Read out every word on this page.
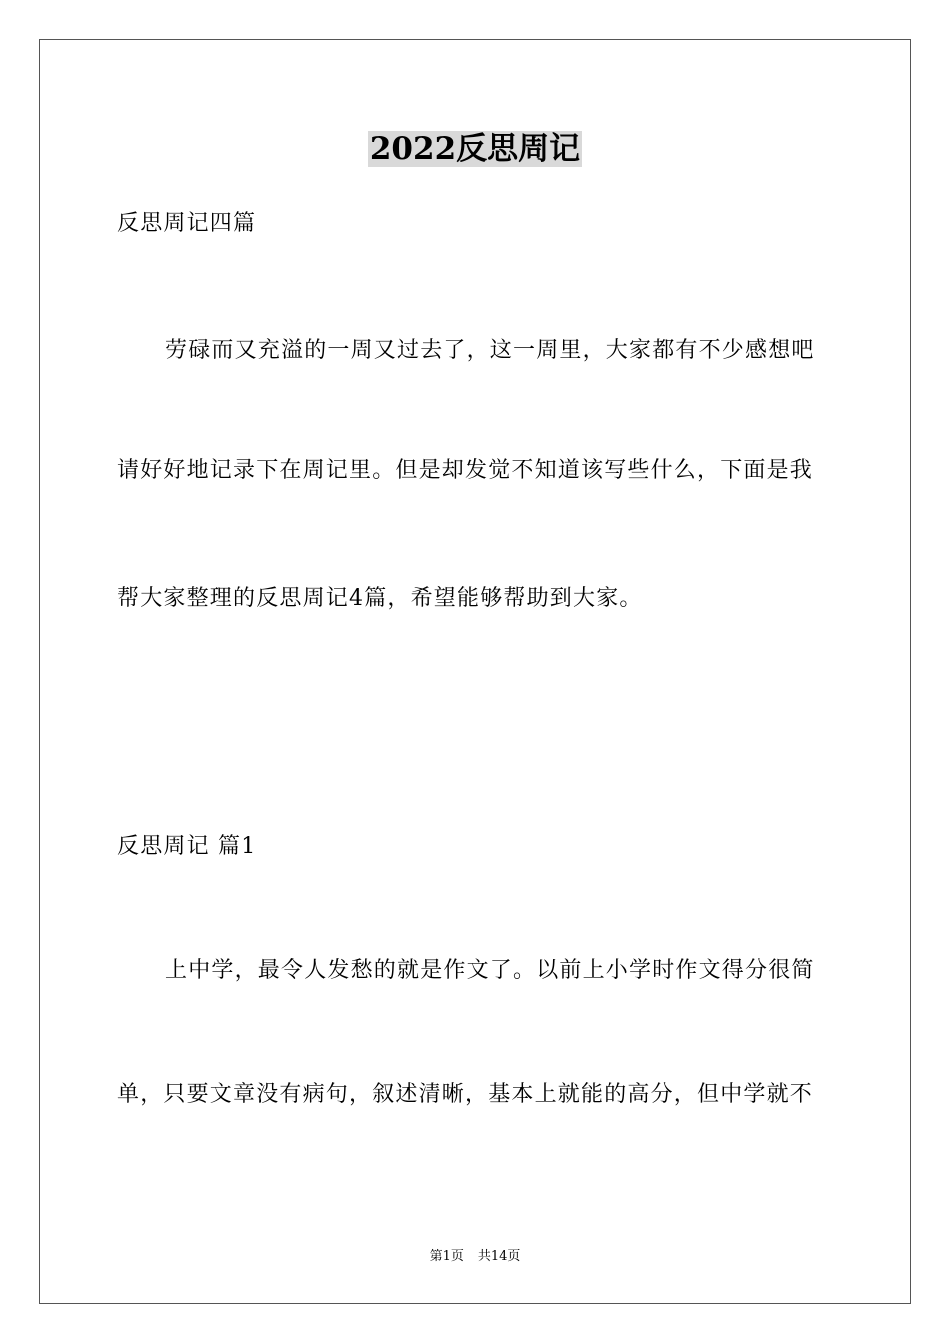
2022反思周记
反思周记四篇
劳碌而又充溢的一周又过去了，这一周里，大家都有不少感想吧
请好好地记录下在周记里。但是却发觉不知道该写些什么，下面是我
帮大家整理的反思周记4篇，希望能够帮助到大家。
反思周记 篇1
上中学，最令人发愁的就是作文了。以前上小学时作文得分很简
单，只要文章没有病句，叙述清晰，基本上就能的高分，但中学就不
第1页 共14页
